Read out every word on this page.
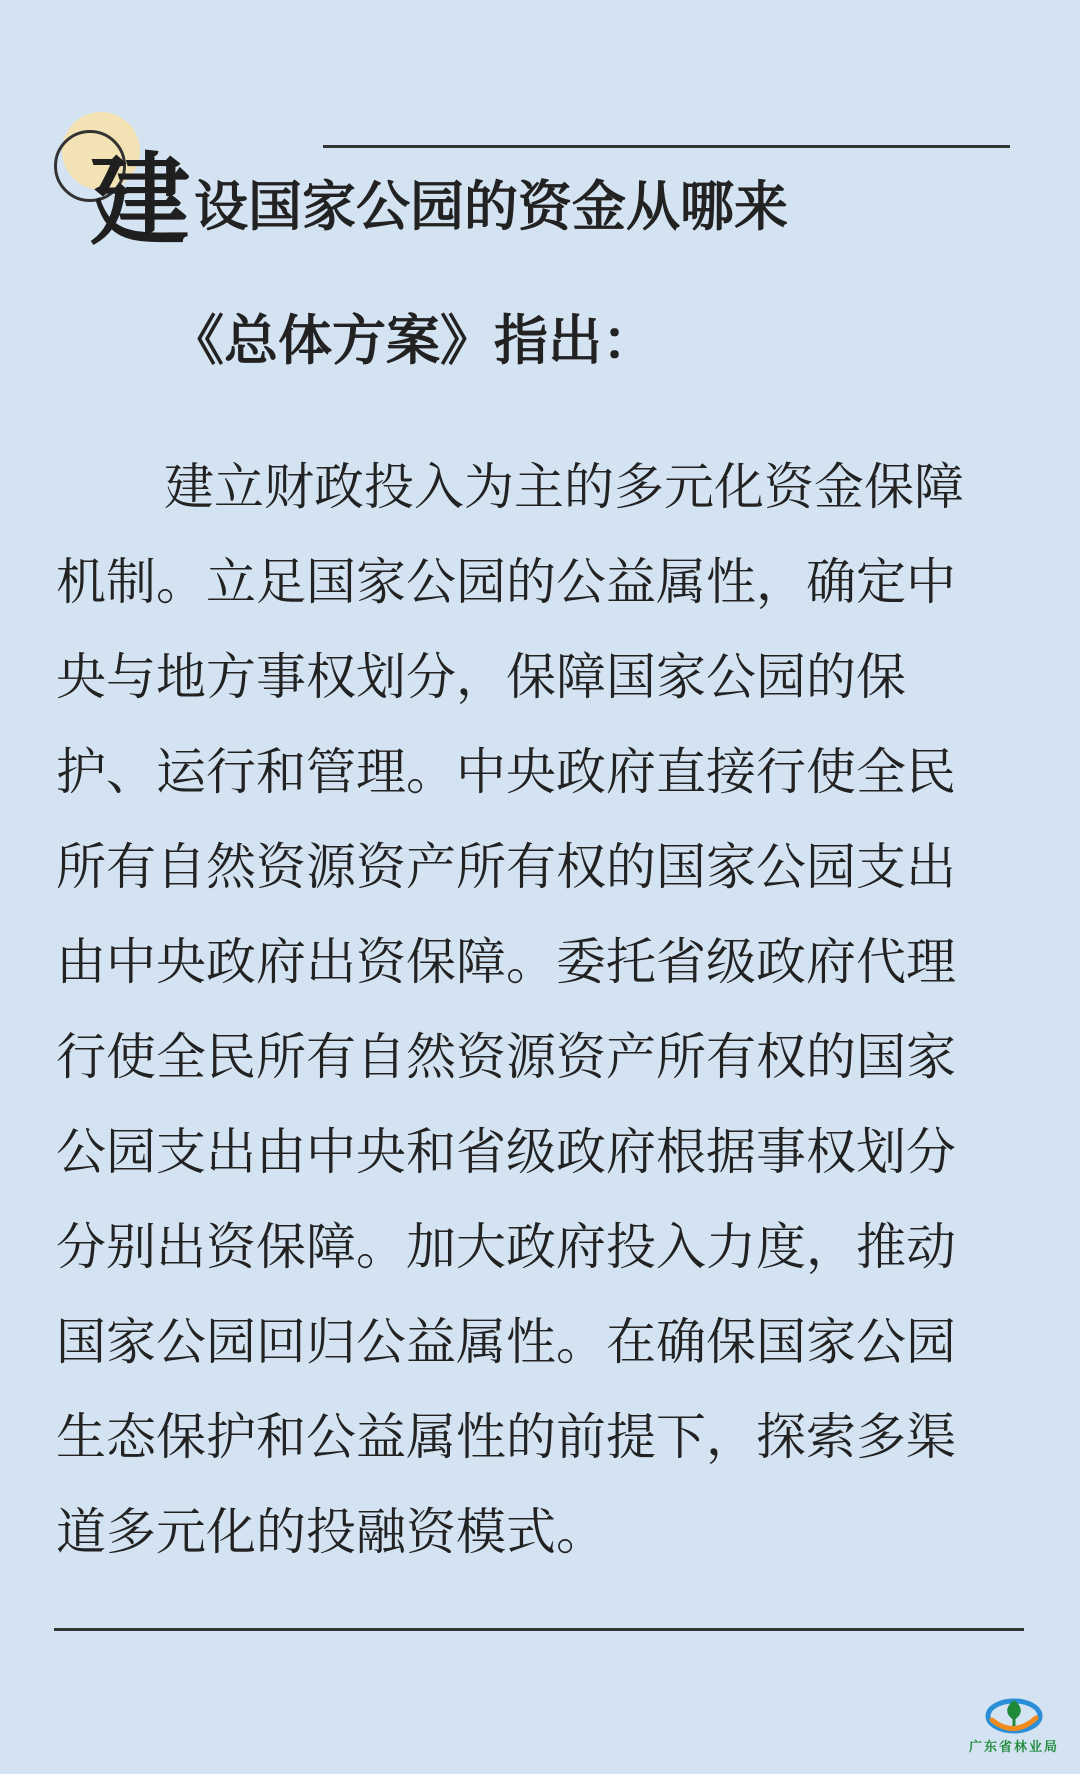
建 设国家公园的资金从哪来
《总体方案》指出：

建立财政投入为主的多元化资金保障
机制。立足国家公园的公益属性，确定中
央与地方事权划分，保障国家公园的保
护、运行和管理。中央政府直接行使全民
所有自然资源资产所有权的国家公园支出
由中央政府出资保障。委托省级政府代理
行使全民所有自然资源资产所有权的国家
公园支出由中央和省级政府根据事权划分
分别出资保障。加大政府投入力度，推动
国家公园回归公益属性。在确保国家公园
生态保护和公益属性的前提下，探索多渠
道多元化的投融资模式。

广东省林业局
